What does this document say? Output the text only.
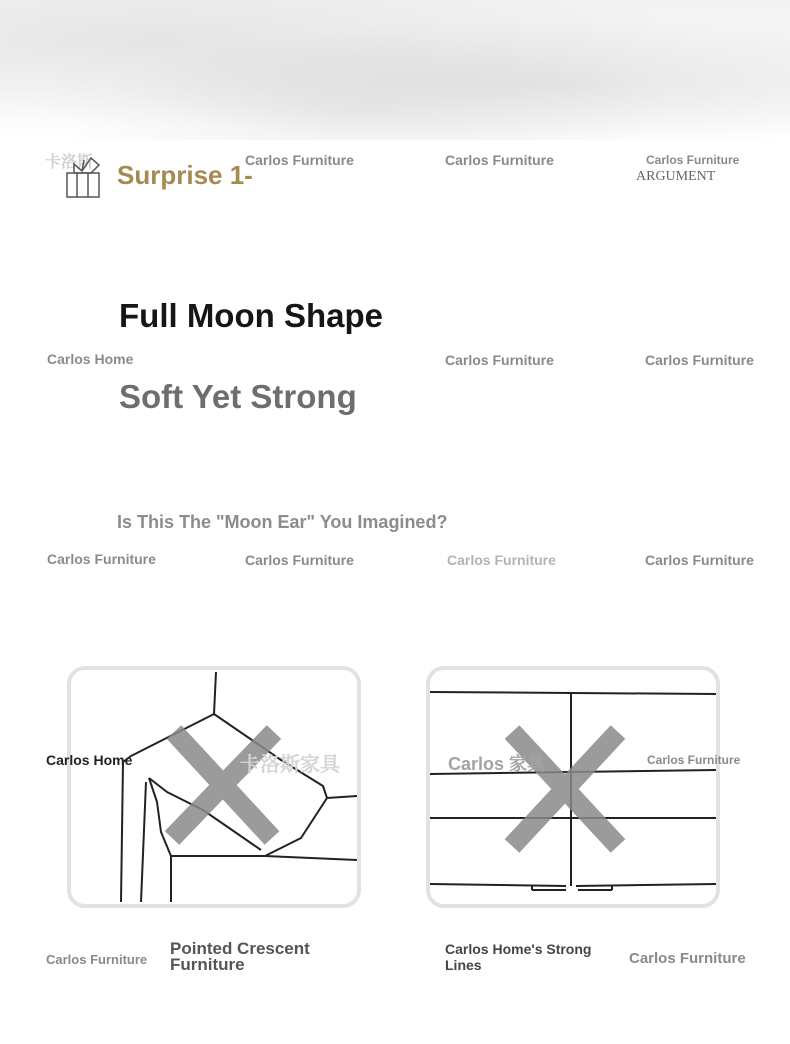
卡洛斯	Carlos Furniture	Carlos Furniture	Carlos Furniture
ARGUMENT
Surprise 1-
Full Moon Shape
Carlos Home	Carlos Furniture	Carlos Furniture
Soft Yet Strong
Is This The "Moon Ear" You Imagined?
Carlos Furniture	Carlos Furniture	Carlos Furniture	Carlos Furniture
Carlos Home	卡洛斯家具	Carlos 家具	Carlos Furniture
Carlos Furniture
Pointed Crescent Furniture
Carlos Home's Strong Lines	Carlos Furniture
